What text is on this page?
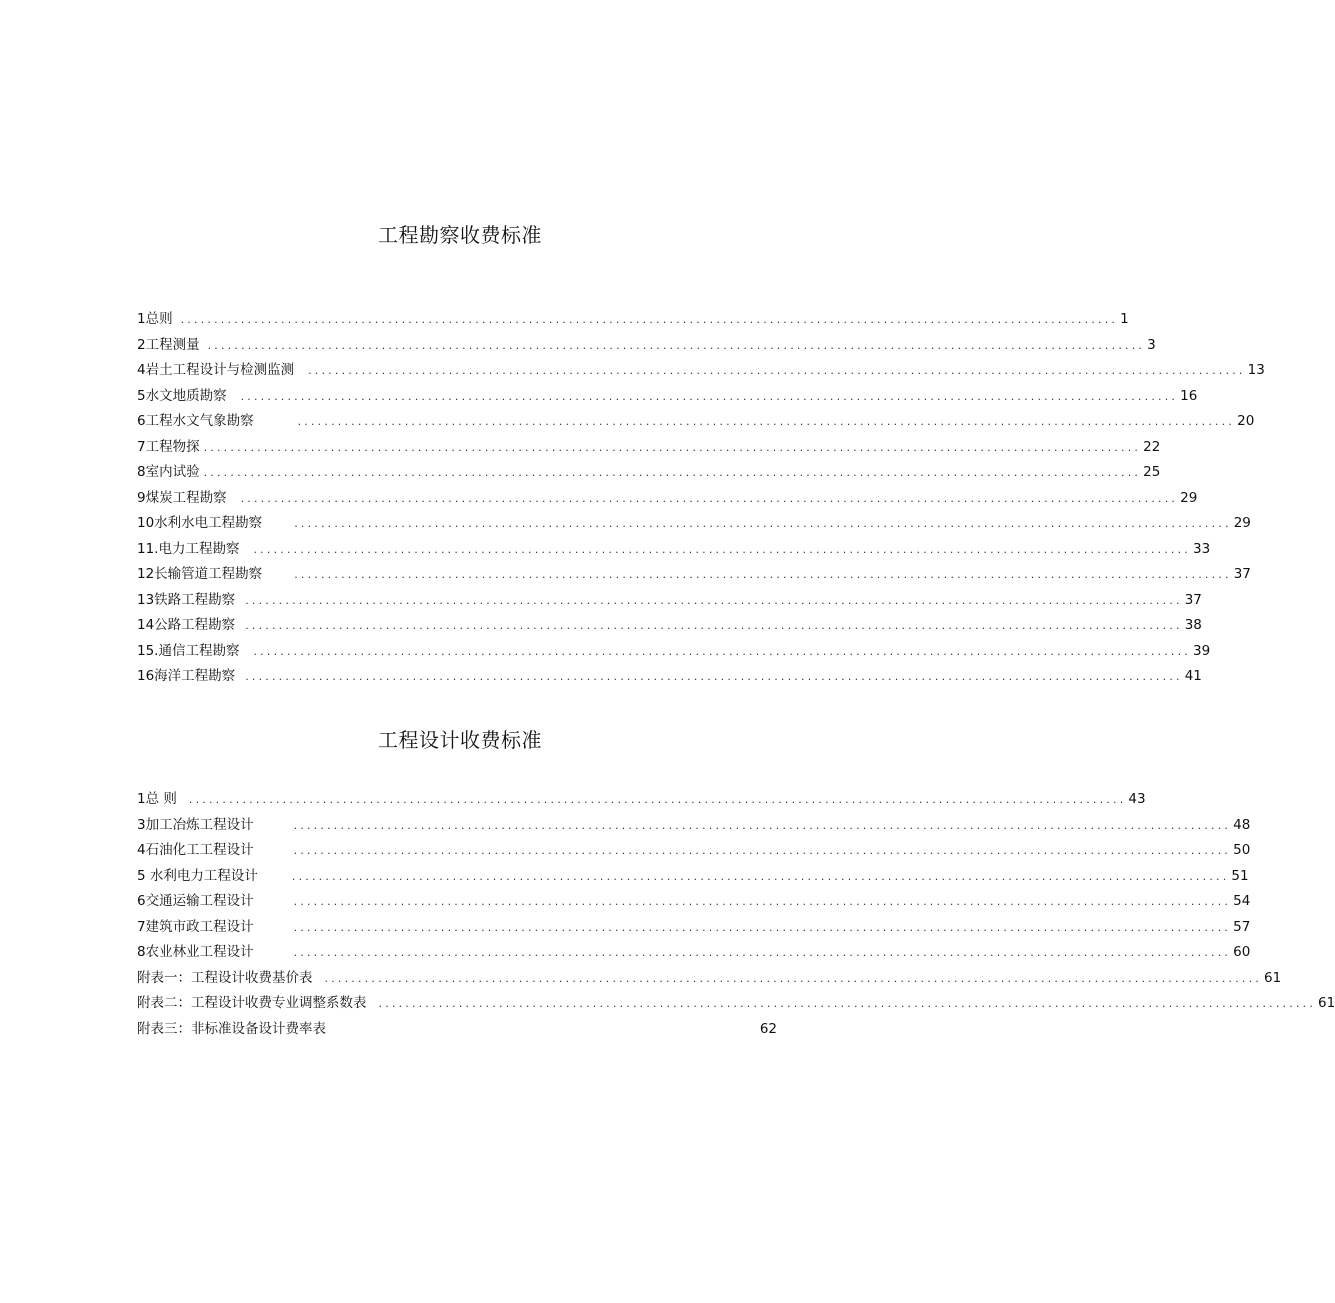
工程勘察收费标准
1总则 ............................................................................................................................................ 1
2工程测量 ............................................................................................................................................ 3
4岩土工程设计与检测监测 ............................................................................................................................................ 13
5水文地质勘察 ............................................................................................................................................ 16
6工程水文气象勘察	............................................................................................................................................ 20
7工程物探 ............................................................................................................................................ 22
8室内试验 ............................................................................................................................................ 25
9煤炭工程勘察 ............................................................................................................................................ 29
10水利水电工程勘察	............................................................................................................................................ 29
11.电力工程勘察 ............................................................................................................................................ 33
12长输管道工程勘察	............................................................................................................................................ 37
13铁路工程勘察 ............................................................................................................................................ 37
14公路工程勘察 ............................................................................................................................................ 38
15.通信工程勘察 ............................................................................................................................................ 39
16海洋工程勘察 ............................................................................................................................................ 41
工程设计收费标准
1总 则 ............................................................................................................................................ 43
3加工冶炼工程设计	............................................................................................................................................ 48
4石油化工工程设计	............................................................................................................................................ 50
5 水利电力工程设计	............................................................................................................................................ 51
6交通运输工程设计	............................................................................................................................................ 54
7建筑市政工程设计	............................................................................................................................................ 57
8农业林业工程设计	............................................................................................................................................ 60
附表一：工程设计收费基价表 ............................................................................................................................................ 61
附表二：工程设计收费专业调整系数表 ............................................................................................................................................ 61
附表三：非标准设备设计费率表	62
